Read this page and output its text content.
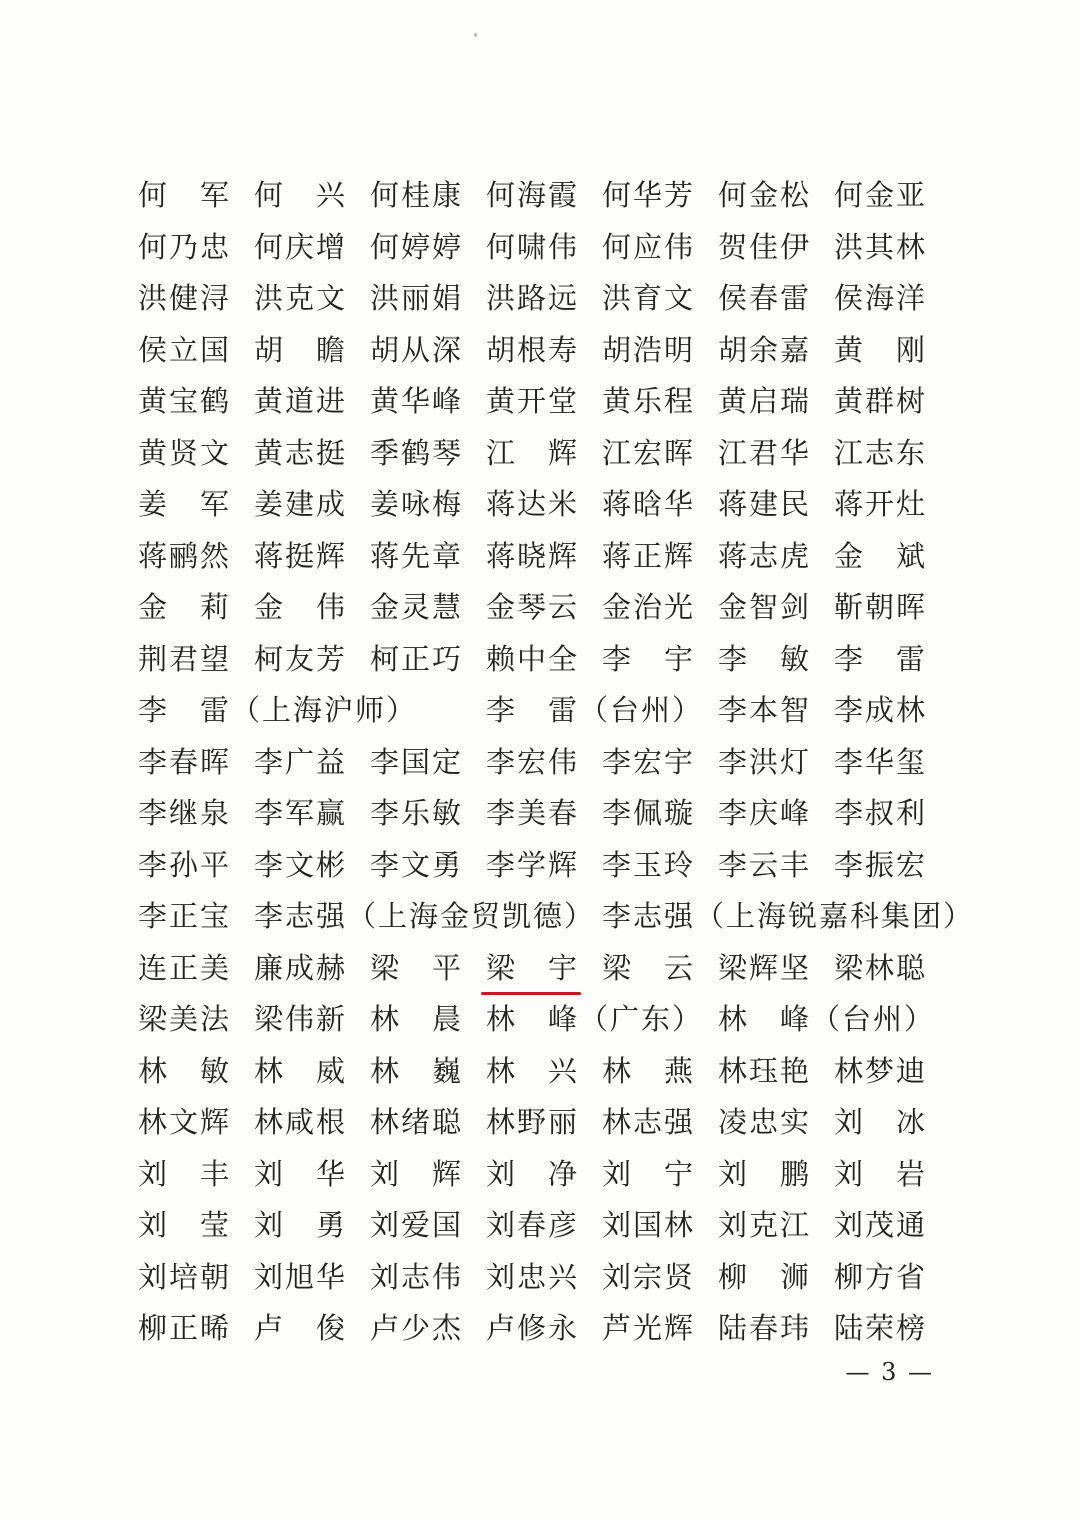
何　军 何　兴 何桂康 何海霞 何华芳 何金松 何金亚
何乃忠 何庆增 何婷婷 何啸伟 何应伟 贺佳伊 洪其林
洪健浔 洪克文 洪丽娟 洪路远 洪育文 侯春雷 侯海洋
侯立国 胡　瞻 胡从深 胡根寿 胡浩明 胡余嘉 黄　刚
黄宝鹤 黄道进 黄华峰 黄开堂 黄乐程 黄启瑞 黄群树
黄贤文 黄志挺 季鹤琴 江　辉 江宏晖 江君华 江志东
姜　军 姜建成 姜咏梅 蒋达米 蒋晗华 蒋建民 蒋开灶
蒋鹂然 蒋挺辉 蒋先章 蒋晓辉 蒋正辉 蒋志虎 金　斌
金　莉 金　伟 金灵慧 金琴云 金治光 金智剑 靳朝晖
荆君望 柯友芳 柯正巧 赖中全 李　宇 李　敏 李　雷
李　雷（上海沪师） 李　雷（台州） 李本智 李成林
李春晖 李广益 李国定 李宏伟 李宏宇 李洪灯 李华玺
李继泉 李军赢 李乐敏 李美春 李佩璇 李庆峰 李叔利
李孙平 李文彬 李文勇 李学辉 李玉玲 李云丰 李振宏
李正宝 李志强（上海金贸凯德） 李志强（上海锐嘉科集团）
连正美 廉成赫 梁　平 梁　宇 梁　云 梁辉坚 梁林聪
梁美法 梁伟新 林　晨 林　峰（广东） 林　峰（台州）
林　敏 林　威 林　巍 林　兴 林　燕 林珏艳 林梦迪
林文辉 林咸根 林绪聪 林野丽 林志强 凌忠实 刘　冰
刘　丰 刘　华 刘　辉 刘　净 刘　宁 刘　鹏 刘　岩
刘　莹 刘　勇 刘爱国 刘春彦 刘国林 刘克江 刘茂通
刘培朝 刘旭华 刘志伟 刘忠兴 刘宗贤 柳　浉 柳方省
柳正晞 卢　俊 卢少杰 卢修永 芦光辉 陆春玮 陆荣榜
— 3 —
